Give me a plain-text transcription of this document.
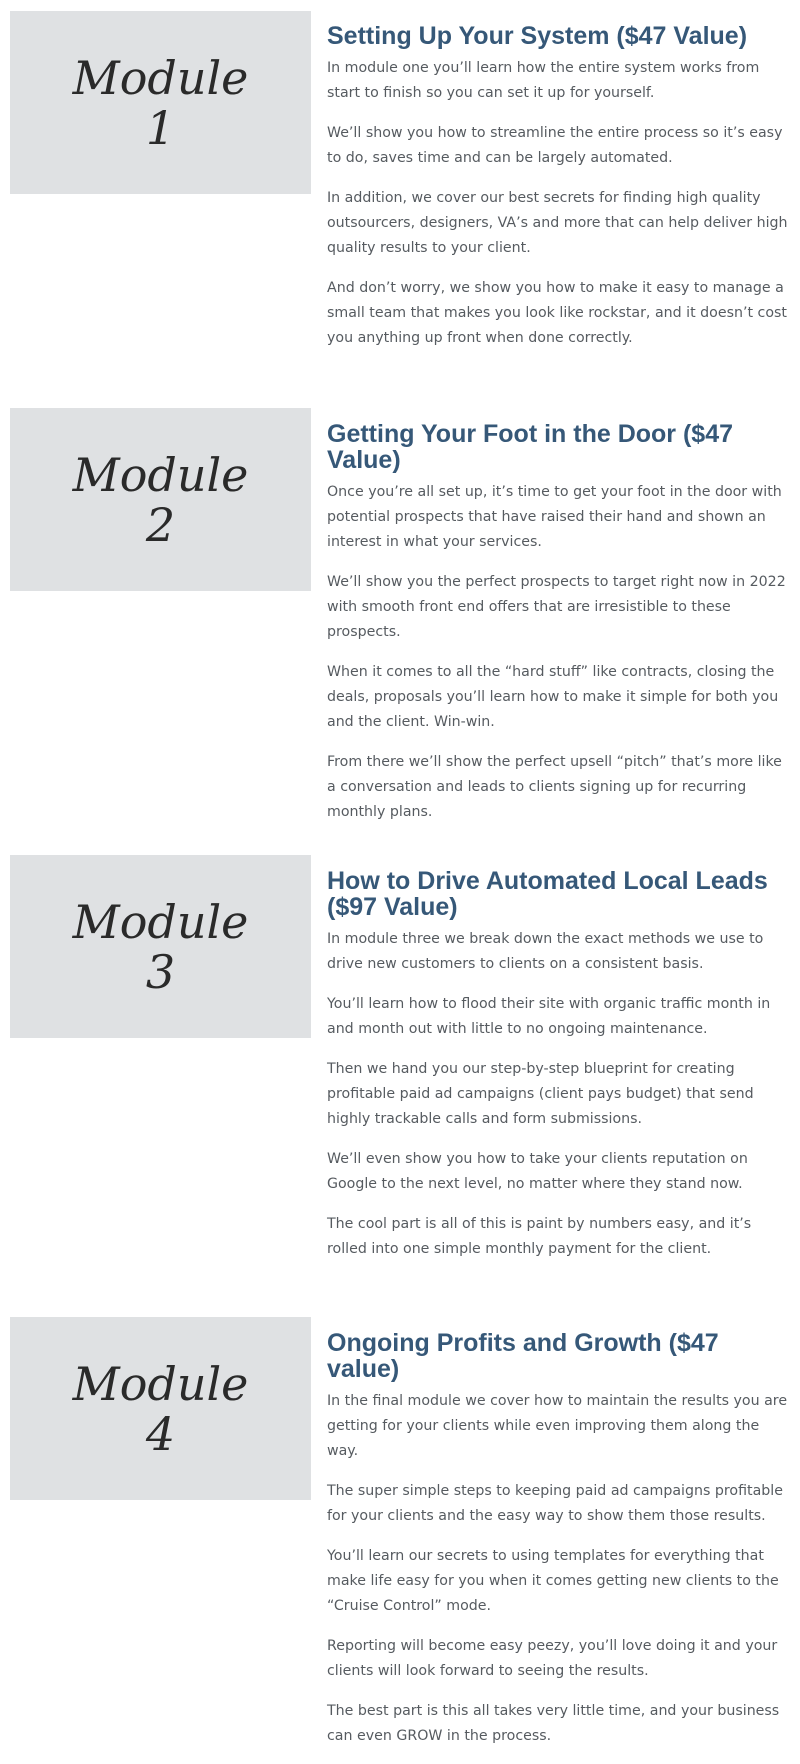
Module
1
Setting Up Your System ($47 Value)

In module one you’ll learn how the entire system works from start to finish so you can set it up for yourself.

We’ll show you how to streamline the entire process so it’s easy to do, saves time and can be largely automated.

In addition, we cover our best secrets for finding high quality outsourcers, designers, VA’s and more that can help deliver high quality results to your client.

And don’t worry, we show you how to make it easy to manage a small team that makes you look like rockstar, and it doesn’t cost you anything up front when done correctly.

Module
2
Getting Your Foot in the Door ($47 Value)

Once you’re all set up, it’s time to get your foot in the door with potential prospects that have raised their hand and shown an interest in what your services.

We’ll show you the perfect prospects to target right now in 2022 with smooth front end offers that are irresistible to these prospects.

When it comes to all the “hard stuff” like contracts, closing the deals, proposals you’ll learn how to make it simple for both you and the client. Win-win.

From there we’ll show the perfect upsell “pitch” that’s more like a conversation and leads to clients signing up for recurring monthly plans.

Module
3
How to Drive Automated Local Leads ($97 Value)

In module three we break down the exact methods we use to drive new customers to clients on a consistent basis.

You’ll learn how to flood their site with organic traffic month in and month out with little to no ongoing maintenance.

Then we hand you our step-by-step blueprint for creating profitable paid ad campaigns (client pays budget) that send highly trackable calls and form submissions.

We’ll even show you how to take your clients reputation on Google to the next level, no matter where they stand now.

The cool part is all of this is paint by numbers easy, and it’s rolled into one simple monthly payment for the client.

Module
4
Ongoing Profits and Growth ($47 value)

In the final module we cover how to maintain the results you are getting for your clients while even improving them along the way.

The super simple steps to keeping paid ad campaigns profitable for your clients and the easy way to show them those results.

You’ll learn our secrets to using templates for everything that make life easy for you when it comes getting new clients to the “Cruise Control” mode.

Reporting will become easy peezy, you’ll love doing it and your clients will look forward to seeing the results.

The best part is this all takes very little time, and your business can even GROW in the process.
